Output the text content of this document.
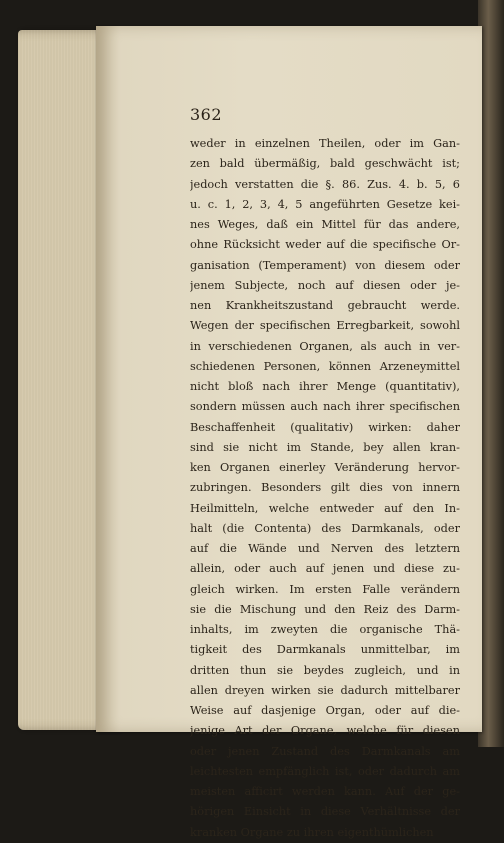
362
weder in einzelnen Theilen, oder im Gan-
zen bald übermäßig, bald geschwächt ist;
jedoch verstatten die §. 86. Zus. 4. b. 5, 6
u. c. 1, 2, 3, 4, 5 angeführten Gesetze kei-
nes Weges, daß ein Mittel für das andere,
ohne Rücksicht weder auf die specifische Or-
ganisation (Temperament) von diesem oder
jenem Subjecte, noch auf diesen oder je-
nen Krankheitszustand gebraucht werde.
Wegen der specifischen Erregbarkeit, sowohl
in verschiedenen Organen, als auch in ver-
schiedenen Personen, können Arzeneymittel
nicht bloß nach ihrer Menge (quantitativ),
sondern müssen auch nach ihrer specifischen
Beschaffenheit (qualitativ) wirken: daher
sind sie nicht im Stande, bey allen kran-
ken Organen einerley Veränderung hervor-
zubringen. Besonders gilt dies von innern
Heilmitteln, welche entweder auf den In-
halt (die Contenta) des Darmkanals, oder
auf die Wände und Nerven des letztern
allein, oder auch auf jenen und diese zu-
gleich wirken. Im ersten Falle verändern
sie die Mischung und den Reiz des Darm-
inhalts, im zweyten die organische Thä-
tigkeit des Darmkanals unmittelbar, im
dritten thun sie beydes zugleich, und in
allen dreyen wirken sie dadurch mittelbarer
Weise auf dasjenige Organ, oder auf die-
jenige Art der Organe, welche für diesen
oder jenen Zustand des Darmkanals am
leichtesten empfänglich ist, oder dadurch am
meisten afficirt werden kann. Auf der ge-
hörigen Einsicht in diese Verhältnisse der
kranken Organe zu ihren eigenthümlichen
